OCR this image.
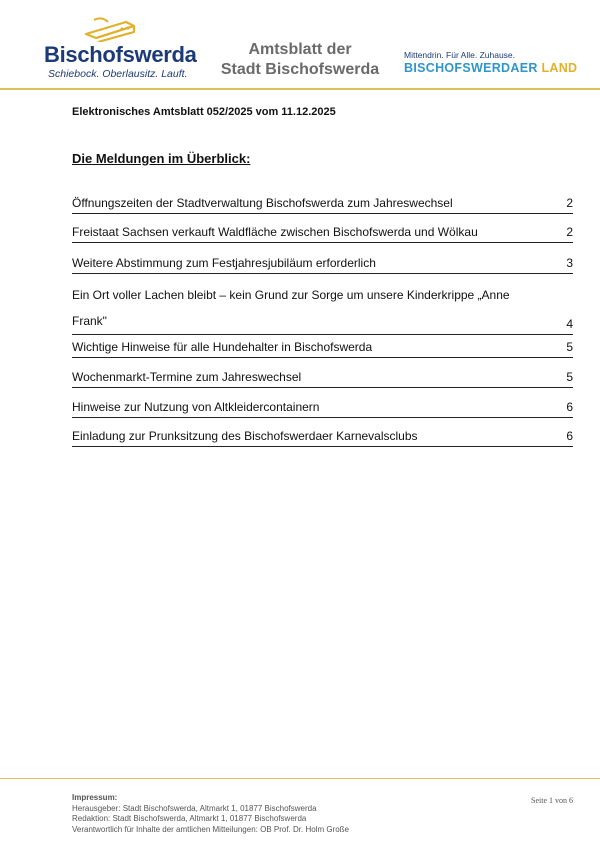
Bischofswerda
Schiebock. Oberlausitz. Lauft.
Amtsblatt der
Stadt Bischofswerda
Mittendrin. Für Alle. Zuhause.
BISCHOFSWERDAER LAND
Elektronisches Amtsblatt 052/2025 vom 11.12.2025
Die Meldungen im Überblick:
Öffnungszeiten der Stadtverwaltung Bischofswerda zum Jahreswechsel	2
Freistaat Sachsen verkauft Waldfläche zwischen Bischofswerda und Wölkau	2
Weitere Abstimmung zum Festjahresjubiläum erforderlich	3
Ein Ort voller Lachen bleibt – kein Grund zur Sorge um unsere Kinderkrippe „Anne Frank"	4
Wichtige Hinweise für alle Hundehalter in Bischofswerda	5
Wochenmarkt-Termine zum Jahreswechsel	5
Hinweise zur Nutzung von Altkleidercontainern	6
Einladung zur Prunksitzung des Bischofswerdaer Karnevalsclubs	6
Impressum:
Herausgeber: Stadt Bischofswerda, Altmarkt 1, 01877 Bischofswerda
Redaktion: Stadt Bischofswerda, Altmarkt 1, 01877 Bischofswerda
Verantwortlich für Inhalte der amtlichen Mitteilungen: OB Prof. Dr. Holm Große
Seite 1 von 6
